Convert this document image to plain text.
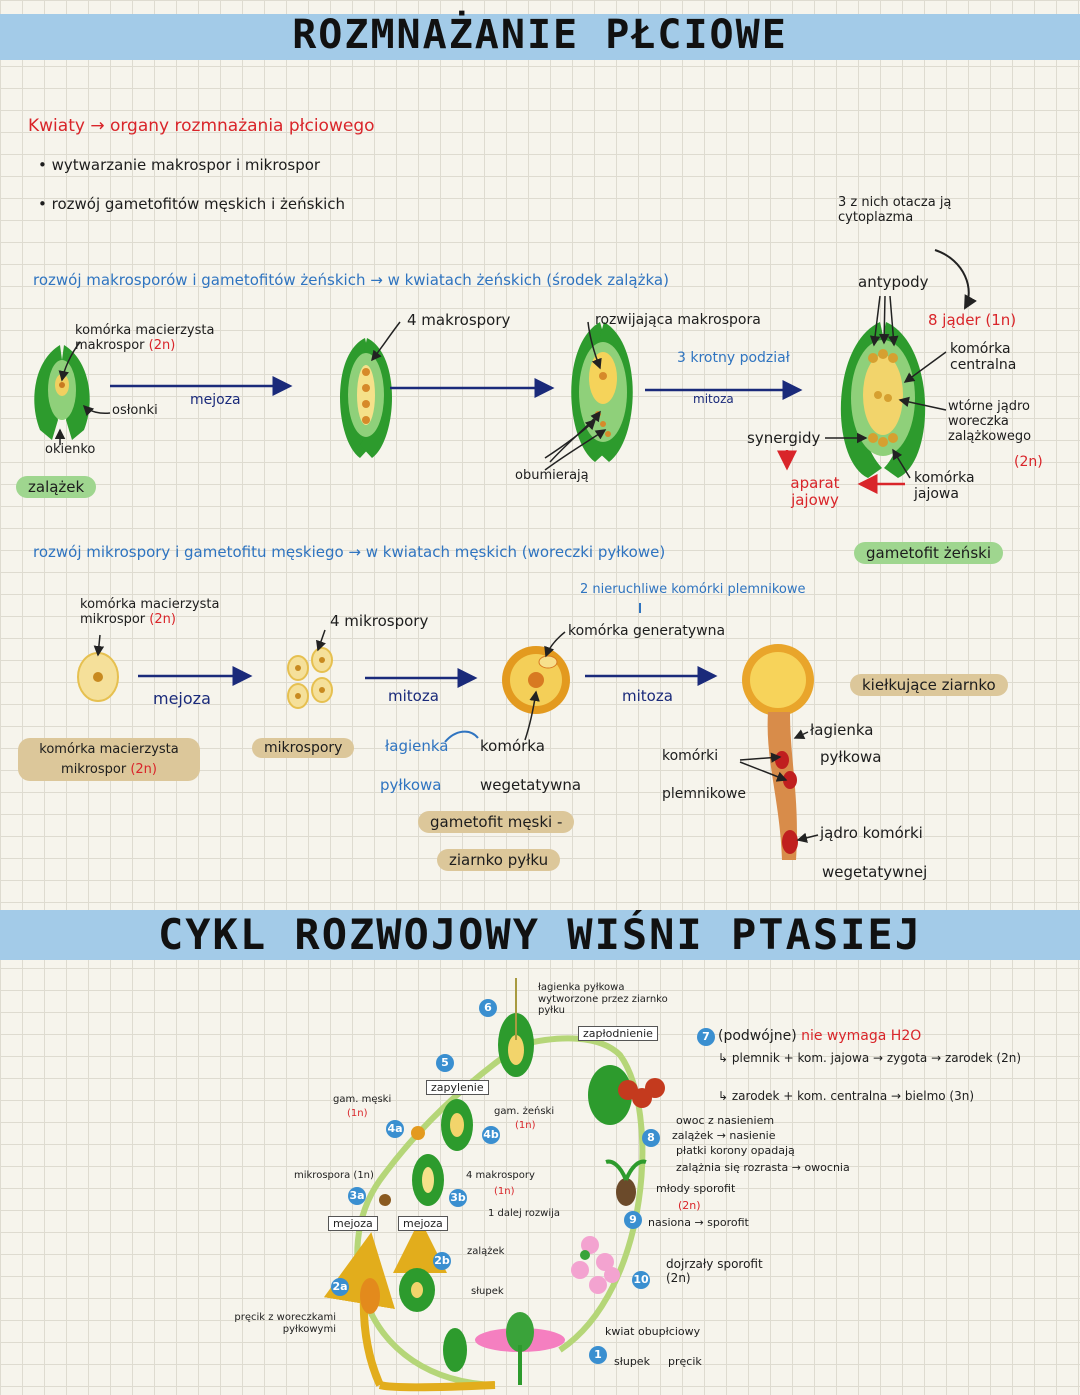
ROZMNAŻANIE PŁCIOWE
CYKL ROZWOJOWY WIŚNI PTASIEJ
Kwiaty → organy rozmnażania płciowego
• wytwarzanie makrospor i mikrospor
• rozwój gametofitów męskich i żeńskich
rozwój makrosporów i gametofitów żeńskich → w kwiatach żeńskich (środek zalążka)
3 z nich otacza ją cytoplazma
komórka macierzysta makrospor (2n)
osłonki
okienko
zalążek
mejoza
4 makrospory
obumierają
rozwijająca makrospora
3 krotny podział
mitoza
antypody
8 jąder (1n)
komórka centralna
wtórne jądro woreczka zalążkowego
(2n)
synergidy
aparat jajowy
komórka jajowa
gametofit żeński
rozwój mikrospory i gametofitu męskiego → w kwiatach męskich (woreczki pyłkowe)
komórka macierzysta mikrospor (2n)
mejoza
4 mikrospory
mitoza
2 nieruchliwe komórki plemnikowe
komórka generatywna
mitoza
komórka macierzysta mikrospor (2n)
mikrospory	łagienka
pyłkowa
komórka
wegetatywna
gametofit męski -
ziarnko pyłku
kiełkujące ziarnko
komórki
plemnikowe
łagienka
pyłkowa
jądro komórki
wegetatywnej
łagienka pyłkowa wytworzone przez ziarnko pyłku
zapłodnienie	(podwójne) nie wymaga H2O
↳ plemnik + kom. jajowa → zygota → zarodek (2n)
↳ zarodek + kom. centralna → bielmo (3n)
zapylenie
gam. męski
(1n)	gam. żeński
(1n)
mikrospora (1n)	4 makrospory
(1n)
1 dalej rozwija
mejoza	mejoza
zalążek
słupek
pręcik z woreczkami pyłkowymi
owoc z nasieniem
zalążek → nasienie
płatki korony opadają
zalążnia się rozrasta → owocnia
młody sporofit
(2n)
nasiona → sporofit
dojrzały sporofit (2n)
kwiat obupłciowy
słupek pręcik
6
5
4b
4a
3a	3b
2a
2b
7
8
9
10
1
